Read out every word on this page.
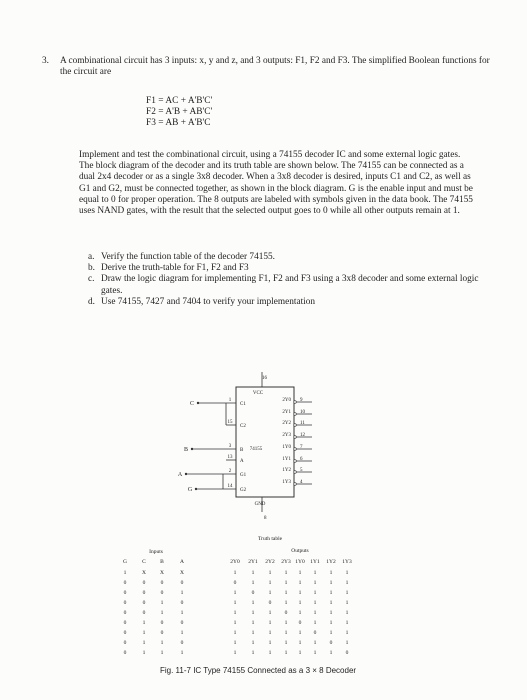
3. A combinational circuit has 3 inputs: x, y and z, and 3 outputs: F1, F2 and F3. The simplified Boolean functions for the circuit are
F1 = AC + A'B'C'
F2 = A'B + AB'C'
F3 = AB + A'B'C
Implement and test the combinational circuit, using a 74155 decoder IC and some external logic gates. The block diagram of the decoder and its truth table are shown below. The 74155 can be connected as a dual 2x4 decoder or as a single 3x8 decoder. When a 3x8 decoder is desired, inputs C1 and C2, as well as G1 and G2, must be connected together, as shown in the block diagram. G is the enable input and must be equal to 0 for proper operation. The 8 outputs are labeled with symbols given in the data book. The 74155 uses NAND gates, with the result that the selected output goes to 0 while all other outputs remain at 1.
a. Verify the function table of the decoder 74155.
b. Derive the truth-table for F1, F2 and F3
c. Draw the logic diagram for implementing F1, F2 and F3 using a 3x8 decoder and some external logic gates.
d. Use 74155, 7427 and 7404 to verify your implementation
16
VCC
GND
8
74155
1
C1
C
15
C2
3
B
B
13
A
2
G1
A
14
G2
G
2Y0 9
2Y1 10
2Y2 11
2Y3 12
1Y0 7
1Y1 6
1Y2 5
1Y3 4
Truth table
Inputs	Outputs
G	C	B	A	2Y0 2Y1 2Y2 2Y3 1Y0 1Y1 1Y2 1Y3
1	X	X	X	1	1	1 1 1 1 1 1
0	0	0	0	0	1	1 1 1 1 1 1
0	0	0	1	1	0	1 1 1 1 1 1
0	0	1	0	1	1	0 1 1 1 1 1
0	0	1	1	1	1	1 0 1 1 1 1
0	1	0	0	1	1	1 1 0 1 1 1
0	1	0	1	1	1	1 1 1 0 1 1
0	1	1	0	1	1	1 1 1 1 0 1
0	1	1	1	1	1	1 1 1 1 1 0
Fig. 11-7 IC Type 74155 Connected as a 3 × 8 Decoder
